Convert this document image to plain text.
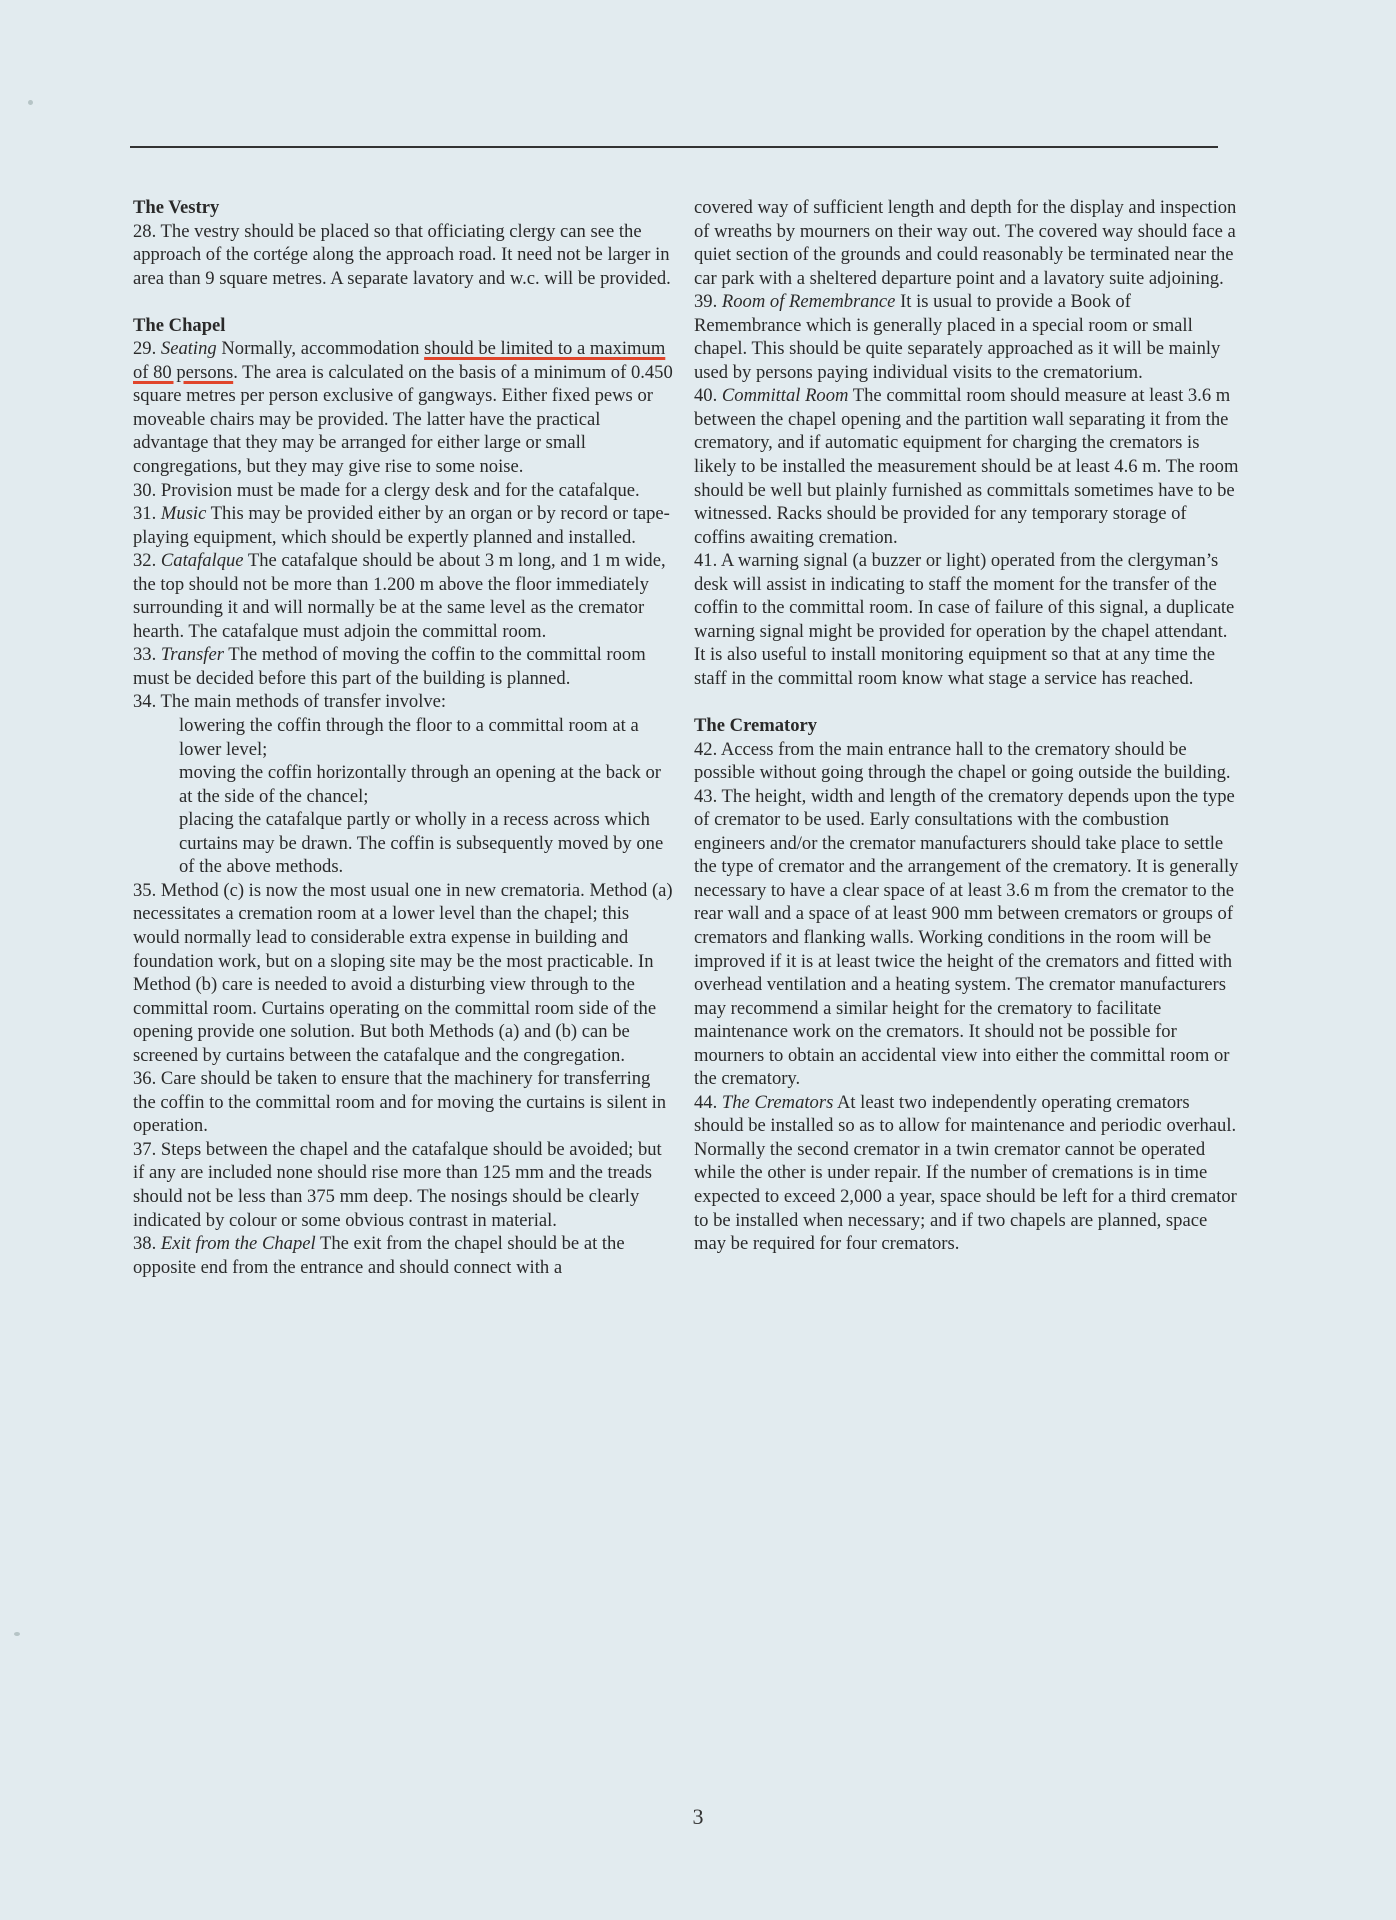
The Vestry

28. The vestry should be placed so that officiating clergy can see the approach of the cortége along the approach road. It need not be larger in area than 9 square metres. A separate lavatory and w.c. will be provided.

The Chapel

29. Seating Normally, accommodation should be limited to a maximum of 80 persons. The area is calculated on the basis of a minimum of 0.450 square metres per person exclusive of gangways. Either fixed pews or moveable chairs may be provided. The latter have the practical advantage that they may be arranged for either large or small congregations, but they may give rise to some noise.

30. Provision must be made for a clergy desk and for the catafalque.

31. Music This may be provided either by an organ or by record or tape-playing equipment, which should be expertly planned and installed.

32. Catafalque The catafalque should be about 3 m long, and 1 m wide, the top should not be more than 1.200 m above the floor immediately surrounding it and will normally be at the same level as the cremator hearth. The catafalque must adjoin the committal room.

33. Transfer The method of moving the coffin to the committal room must be decided before this part of the building is planned.

34. The main methods of transfer involve:

lowering the coffin through the floor to a committal room at a lower level;

moving the coffin horizontally through an opening at the back or at the side of the chancel;

placing the catafalque partly or wholly in a recess across which curtains may be drawn. The coffin is subsequently moved by one of the above methods.

35. Method (c) is now the most usual one in new crematoria. Method (a) necessitates a cremation room at a lower level than the chapel; this would normally lead to considerable extra expense in building and foundation work, but on a sloping site may be the most practicable. In Method (b) care is needed to avoid a disturbing view through to the committal room. Curtains operating on the committal room side of the opening provide one solution. But both Methods (a) and (b) can be screened by curtains between the catafalque and the congregation.

36. Care should be taken to ensure that the machinery for transferring the coffin to the committal room and for moving the curtains is silent in operation.

37. Steps between the chapel and the catafalque should be avoided; but if any are included none should rise more than 125 mm and the treads should not be less than 375 mm deep. The nosings should be clearly indicated by colour or some obvious contrast in material.

38. Exit from the Chapel The exit from the chapel should be at the opposite end from the entrance and should connect with a

covered way of sufficient length and depth for the display and inspection of wreaths by mourners on their way out. The covered way should face a quiet section of the grounds and could reasonably be terminated near the car park with a sheltered departure point and a lavatory suite adjoining.

39. Room of Remembrance It is usual to provide a Book of Remembrance which is generally placed in a special room or small chapel. This should be quite separately approached as it will be mainly used by persons paying individual visits to the crematorium.

40. Committal Room The committal room should measure at least 3.6 m between the chapel opening and the partition wall separating it from the crematory, and if automatic equipment for charging the cremators is likely to be installed the measurement should be at least 4.6 m. The room should be well but plainly furnished as committals sometimes have to be witnessed. Racks should be provided for any temporary storage of coffins awaiting cremation.

41. A warning signal (a buzzer or light) operated from the clergyman’s desk will assist in indicating to staff the moment for the transfer of the coffin to the committal room. In case of failure of this signal, a duplicate warning signal might be provided for operation by the chapel attendant. It is also useful to install monitoring equipment so that at any time the staff in the committal room know what stage a service has reached.

The Crematory

42. Access from the main entrance hall to the crematory should be possible without going through the chapel or going outside the building.

43. The height, width and length of the crematory depends upon the type of cremator to be used. Early consultations with the combustion engineers and/or the cremator manufacturers should take place to settle the type of cremator and the arrangement of the crematory. It is generally necessary to have a clear space of at least 3.6 m from the cremator to the rear wall and a space of at least 900 mm between cremators or groups of cremators and flanking walls. Working conditions in the room will be improved if it is at least twice the height of the cremators and fitted with overhead ventilation and a heating system. The cremator manufacturers may recommend a similar height for the crematory to facilitate maintenance work on the cremators. It should not be possible for mourners to obtain an accidental view into either the committal room or the crematory.

44. The Cremators At least two independently operating cremators should be installed so as to allow for maintenance and periodic overhaul. Normally the second cremator in a twin cremator cannot be operated while the other is under repair. If the number of cremations is in time expected to exceed 2,000 a year, space should be left for a third cremator to be installed when necessary; and if two chapels are planned, space may be required for four cremators.

3
